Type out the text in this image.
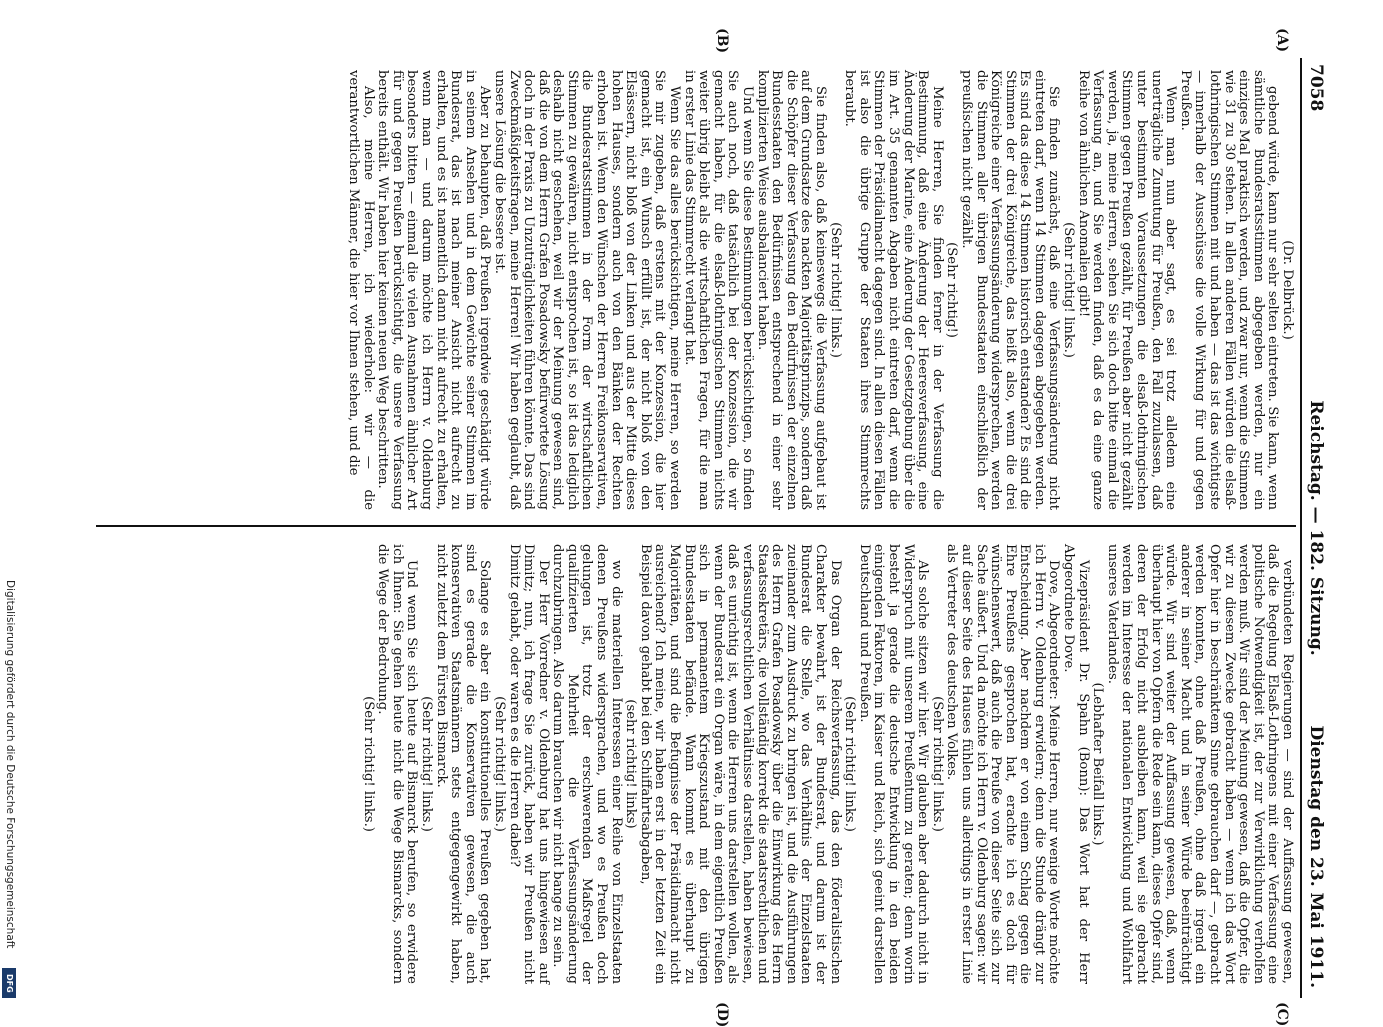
7058
Reichstag. — 182. Sitzung.
Dienstag den 23. Mai 1911.
(A)
(B)
(C)
(D)

(Dr. Delbrück.)

gebend würde, kann nur sehr selten eintreten. Sie kann, wenn sämtliche Bundesratsstimmen abgegeben werden, nur ein einziges Mal praktisch werden, und zwar nur, wenn die Stimmen wie 31 zu 30 stehen. In allen anderen Fällen würden die elsaß-lothringischen Stimmen mit und haben — das ist das wichtigste — innerhalb der Ausschüsse die volle Wirkung für und gegen Preußen.

Wenn man nun aber sagt, es sei trotz alledem eine unerträgliche Zumutung für Preußen, den Fall zuzulassen, daß unter bestimmten Voraussetzungen die elsaß-lothringischen Stimmen gegen Preußen gezählt, für Preußen aber nicht gezählt werden, ja, meine Herren, sehen Sie sich doch bitte einmal die Verfassung an, und Sie werden finden, daß es da eine ganze Reihe von ähnlichen Anomalien gibt!

(Sehr richtig! links.)

Sie finden zunächst, daß eine Verfassungsänderung nicht eintreten darf, wenn 14 Stimmen dagegen abgegeben werden. Es sind das diese 14 Stimmen historisch entstanden? Es sind die Stimmen der drei Königreiche, das heißt also, wenn die drei Königreiche einer Verfassungsänderung widersprechen, werden die Stimmen aller übrigen Bundesstaaten einschließlich der preußischen nicht gezählt.

(Sehr richtig!)

Meine Herren, Sie finden ferner in der Verfassung die Bestimmung, daß eine Änderung der Heeresverfassung, eine Änderung der Marine, eine Änderung der Gesetzgebung über die im Art. 35 genannten Abgaben nicht eintreten darf, wenn die Stimmen der Präsidialmacht dagegen sind. In allen diesen Fällen ist also die übrige Gruppe der Staaten ihres Stimmrechts beraubt.

(Sehr richtig! links.)

Sie finden also, daß keineswegs die Verfassung aufgebaut ist auf dem Grundsatze des nackten Majoritätsprinzips, sondern daß die Schöpfer dieser Verfassung den Bedürfnissen der einzelnen Bundesstaaten den Bedürfnissen entsprechend in einer sehr komplizierten Weise ausbalanciert haben.

Und wenn Sie diese Bestimmungen berücksichtigen, so finden Sie auch noch, daß tatsächlich bei der Konzession, die wir gemacht haben, für die elsaß-lothringischen Stimmen nichts weiter übrig bleibt als die wirtschaftlichen Fragen, für die man in erster Linie das Stimmrecht verlangt hat.

Wenn Sie das alles berücksichtigen, meine Herren, so werden Sie mir zugeben, daß erstens mit der Konzession, die hier gemacht ist, ein Wunsch erfüllt ist, der nicht bloß von den Elsässern, nicht bloß von der Linken und aus der Mitte dieses hohen Hauses, sondern auch von den Bänken der Rechten erhoben ist. Wenn den Wünschen der Herren Freikonservativen, die Bundesratsstimmen in der Form der wirtschaftlichen Stimmen zu gewähren, nicht entsprochen ist, so ist das lediglich deshalb nicht geschehen, weil wir der Meinung gewesen sind, daß die von dem Herrn Grafen Posadowsky befürwortete Lösung doch in der Praxis zu Unzuträglichkeiten führen könnte. Das sind Zweckmäßigkeitsfragen, meine Herren! Wir haben geglaubt, daß unsere Lösung die bessere ist.

Aber zu behaupten, daß Preußen irgendwie geschädigt würde in seinem Ansehen und in dem Gewichte seiner Stimmen im Bundesrat, das ist nach meiner Ansicht nicht aufrecht zu erhalten, und es ist namentlich dann nicht aufrecht zu erhalten, wenn man — und darum möchte ich Herrn v. Oldenburg besonders bitten — einmal die vielen Ausnahmen ähnlicher Art für und gegen Preußen berücksichtigt, die unsere Verfassung bereits enthält. Wir haben hier keinen neuen Weg beschritten.

Also, meine Herren, ich wiederhole: wir — die verantwortlichen Männer, die hier vor Ihnen stehen, und die

verbündeten Regierungen — sind der Auffassung gewesen, daß die Regelung Elsaß-Lothringens mit einer Verfassung eine politische Notwendigkeit ist, der zur Verwirklichung verholfen werden muß. Wir sind der Meinung gewesen, daß die Opfer, die wir zu diesem Zwecke gebracht haben — wenn ich das Wort Opfer hier in beschränktem Sinne gebrauchen darf —, gebracht werden konnten, ohne daß Preußen, ohne daß irgend ein anderer in seiner Macht und in seiner Würde beeinträchtigt würde. Wir sind weiter der Auffassung gewesen, daß, wenn überhaupt hier von Opfern die Rede sein kann, dieses Opfer sind, deren der Erfolg nicht ausbleiben kann, weil sie gebracht werden im Interesse der nationalen Entwicklung und Wohlfahrt unseres Vaterlandes.

(Lebhafter Beifall links.)

Vizepräsident Dr. Spahn (Bonn): Das Wort hat der Herr Abgeordnete Dove.

Dove, Abgeordneter: Meine Herren, nur wenige Worte möchte ich Herrn v. Oldenburg erwidern; denn die Stunde drängt zur Entscheidung. Aber nachdem er von einem Schlag gegen die Ehre Preußens gesprochen hat, erachte ich es doch für wünschenswert, daß auch die Preuße von dieser Seite sich zur Sache äußert. Und da möchte ich Herrn v. Oldenburg sagen: wir auf dieser Seite des Hauses fühlen uns allerdings in erster Linie als Vertreter des deutschen Volkes.

(Sehr richtig! links.)

Als solche sitzen wir hier. Wir glauben aber dadurch nicht in Widerspruch mit unserem Preußentum zu geraten; denn worin besteht ja gerade die deutsche Entwicklung in den beiden einigenden Faktoren, im Kaiser und Reich, sich geeint darstellen Deutschland und Preußen.

(Sehr richtig! links.)

Das Organ der Reichsverfassung, das den föderalistischen Charakter bewahrt, ist der Bundesrat, und darum ist der Bundesrat die Stelle, wo das Verhältnis der Einzelstaaten zueinander zum Ausdruck zu bringen ist, und die Ausführungen des Herrn Grafen Posadowsky über die Einwirkung des Herrn Staatssekretärs, die vollständig korrekt die staatsrechtlichen und verfassungsrechtlichen Verhältnisse darstellen, haben bewiesen, daß es unrichtig ist, wenn die Herren uns darstellen wollen, als wenn der Bundesrat ein Organ wäre, in dem eigentlich Preußen sich in permanentem Kriegszustand mit den übrigen Bundesstaaten befände. Wann kommt es überhaupt zu Majoritäten, und sind die Befugnisse der Präsidialmacht nicht ausreichend? Ich meine, wir haben erst in der letzten Zeit ein Beispiel davon gehabt bei den Schiffahrtsabgaben,

(sehr richtig! links)

wo die materiellen Interessen einer Reihe von Einzelstaaten denen Preußens widersprachen, und wo es Preußen doch gelungen ist, trotz der erschwerenden Maßregel der qualifizierten Mehrheit die Verfassungsänderung durchzubringen. Also darum brauchen wir nicht bange zu sein.

Der Herr Vorredner v. Oldenburg hat uns hingewiesen auf Dimitz; nun, ich frage Sie zurück, haben wir Preußen nicht Dimitz gehabt, oder waren es die Herren dabei?

(Sehr richtig! links.)

Solange es aber ein konstitutionelles Preußen gegeben hat, sind es gerade die Konservativen gewesen, die auch konservativen Staatsmännern stets entgegengewirkt haben, nicht zuletzt dem Fürsten Bismarck.

(Sehr richtig! links.)

Und wenn Sie sich heute auf Bismarck berufen, so erwidere ich Ihnen: Sie gehen heute nicht die Wege Bismarcks, sondern die Wege der Bedrohung.

(Sehr richtig! links.)

Digitalisierung gefördert durch die Deutsche Forschungsgemeinschaft
DFG
